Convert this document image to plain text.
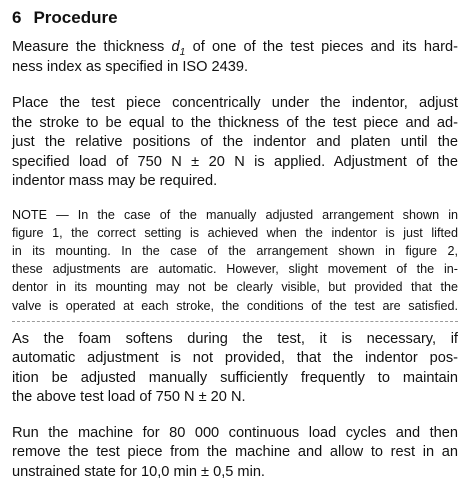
6 Procedure

Measure the thickness $d_1$ of one of the test pieces and its hard-
ness index as specified in ISO 2439.

Place the test piece concentrically under the indentor, adjust
the stroke to be equal to the thickness of the test piece and ad-
just the relative positions of the indentor and platen until the
specified load of 750 N ± 20 N is applied. Adjustment of the
indentor mass may be required.

NOTE — In the case of the manually adjusted arrangement shown in
figure 1, the correct setting is achieved when the indentor is just lifted
in its mounting. In the case of the arrangement shown in figure 2,
these adjustments are automatic. However, slight movement of the in-
dentor in its mounting may not be clearly visible, but provided that the
valve is operated at each stroke, the conditions of the test are satisfied.

As the foam softens during the test, it is necessary, if
automatic adjustment is not provided, that the indentor pos-
ition be adjusted manually sufficiently frequently to maintain
the above test load of 750 N ± 20 N.

Run the machine for 80 000 continuous load cycles and then
remove the test piece from the machine and allow to rest in an
unstrained state for 10,0 min ± 0,5 min.
